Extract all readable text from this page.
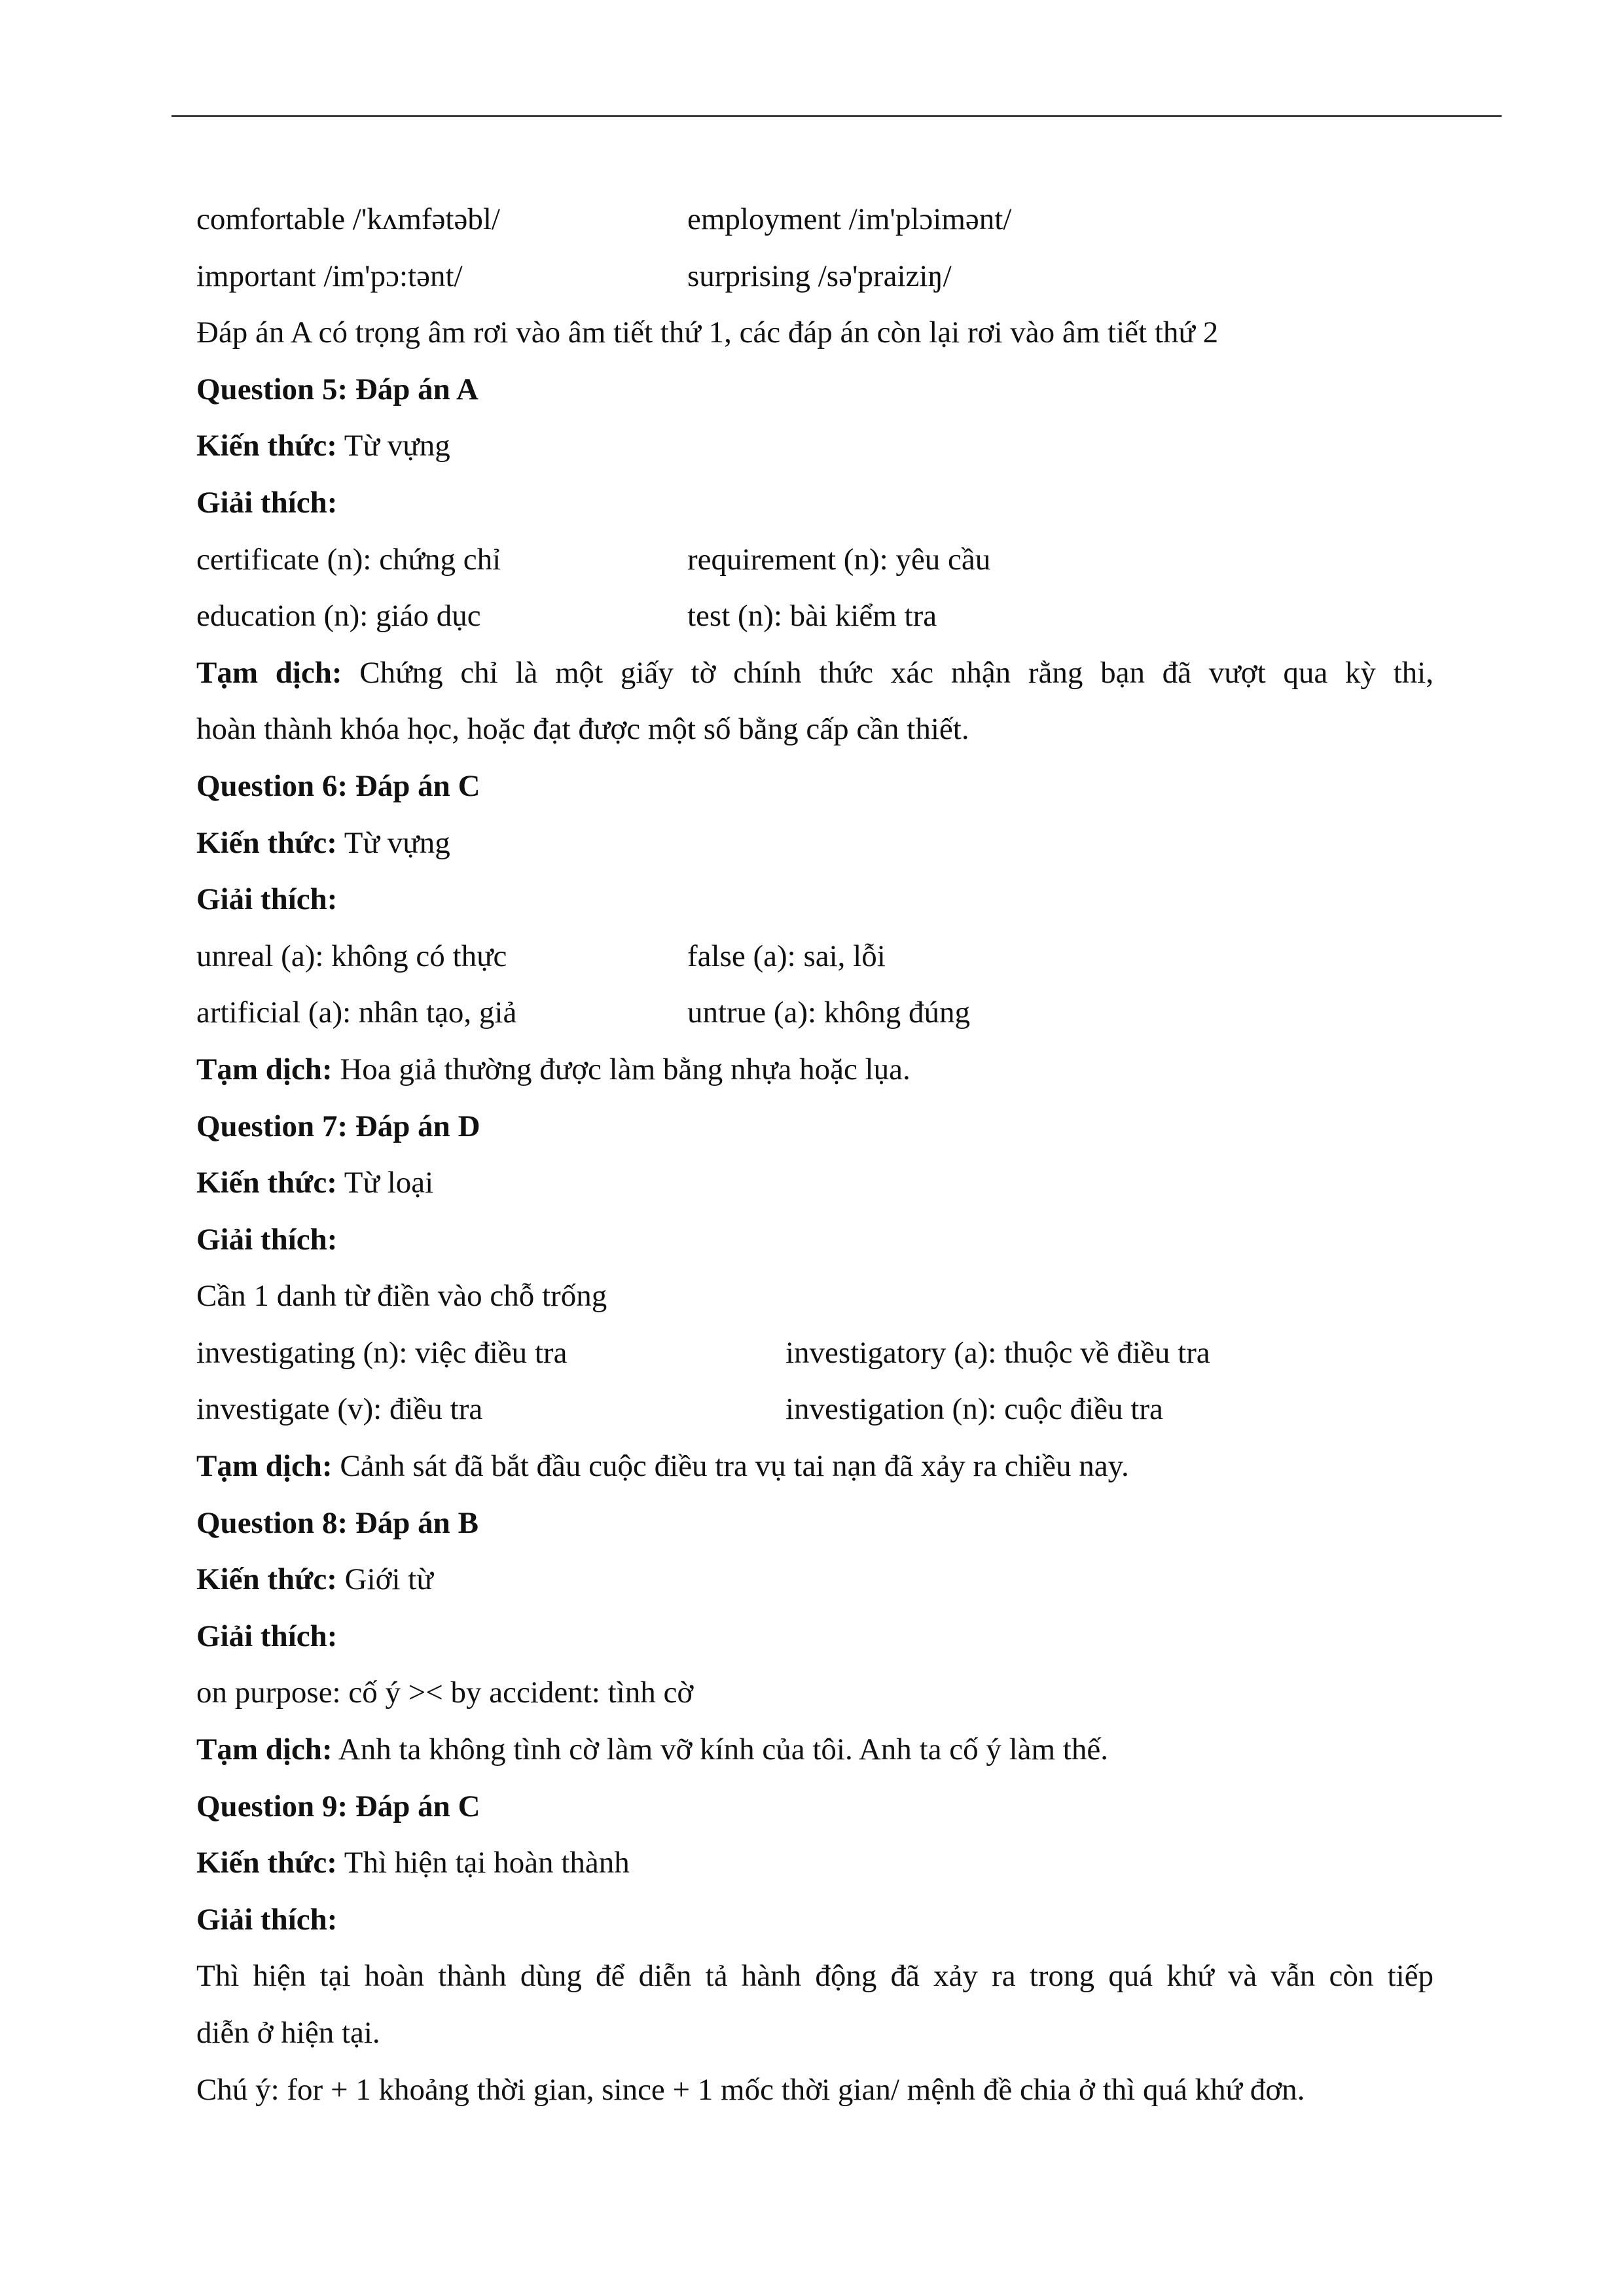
comfortable /'kʌmfətəbl/	employment /im'plɔimənt/
important /im'pɔ:tənt/	surprising /sə'praiziŋ/
Đáp án A có trọng âm rơi vào âm tiết thứ 1, các đáp án còn lại rơi vào âm tiết thứ 2
Question 5: Đáp án A
Kiến thức: Từ vựng
Giải thích:
certificate (n): chứng chỉ	requirement (n): yêu cầu
education (n): giáo dục	test (n): bài kiểm tra
Tạm dịch: Chứng chỉ là một giấy tờ chính thức xác nhận rằng bạn đã vượt qua kỳ thi,
hoàn thành khóa học, hoặc đạt được một số bằng cấp cần thiết.
Question 6: Đáp án C
Kiến thức: Từ vựng
Giải thích:
unreal (a): không có thực	false (a): sai, lỗi
artificial (a): nhân tạo, giả	untrue (a): không đúng
Tạm dịch: Hoa giả thường được làm bằng nhựa hoặc lụa.
Question 7: Đáp án D
Kiến thức: Từ loại
Giải thích:
Cần 1 danh từ điền vào chỗ trống
investigating (n): việc điều tra	investigatory (a): thuộc về điều tra
investigate (v): điều tra	investigation (n): cuộc điều tra
Tạm dịch: Cảnh sát đã bắt đầu cuộc điều tra vụ tai nạn đã xảy ra chiều nay.
Question 8: Đáp án B
Kiến thức: Giới từ
Giải thích:
on purpose: cố ý >< by accident: tình cờ
Tạm dịch: Anh ta không tình cờ làm vỡ kính của tôi. Anh ta cố ý làm thế.
Question 9: Đáp án C
Kiến thức: Thì hiện tại hoàn thành
Giải thích:
Thì hiện tại hoàn thành dùng để diễn tả hành động đã xảy ra trong quá khứ và vẫn còn tiếp
diễn ở hiện tại.
Chú ý: for + 1 khoảng thời gian, since + 1 mốc thời gian/ mệnh đề chia ở thì quá khứ đơn.
